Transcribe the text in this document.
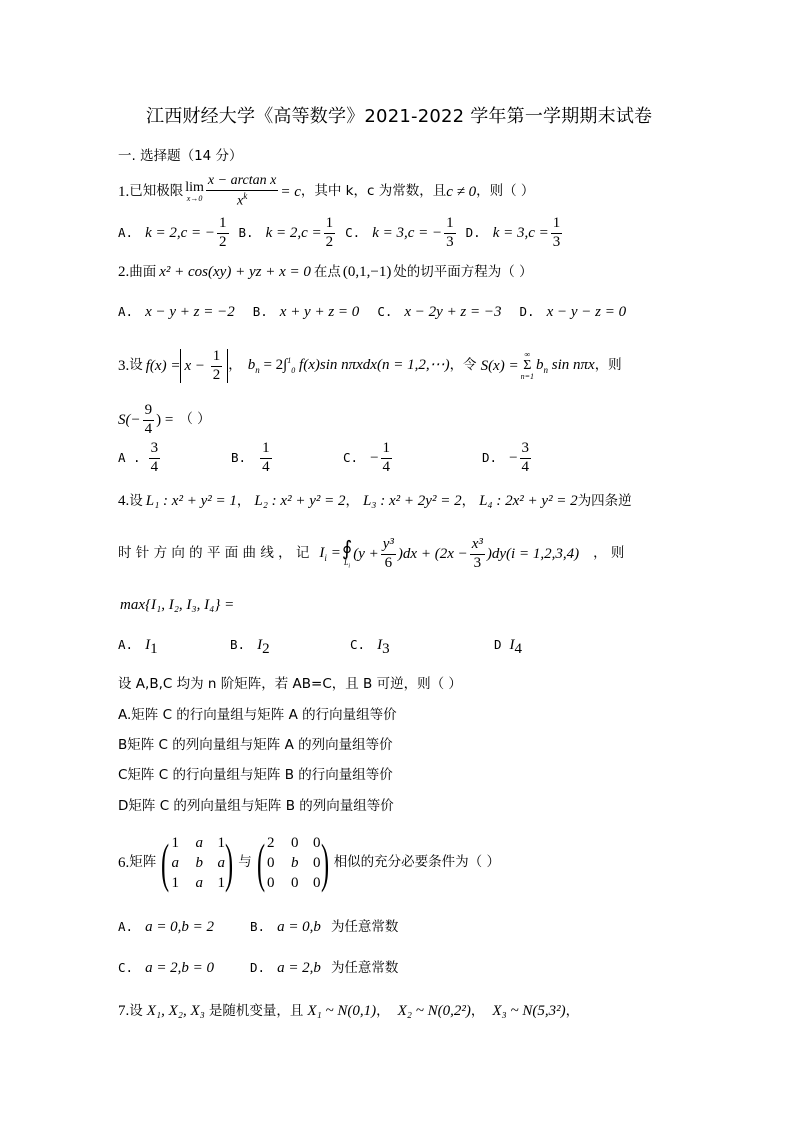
江西财经大学《高等数学》2021-2022 学年第一学期期末试卷
一. 选择题（14 分）
1. 已知极限 lim
$x\to 0 \frac{\text{x − arctan x}}{x^k} = c$ ，其中 k，c 为常数，且 c ≠ 0 ，则（ ）
A. k = 2,c = − $\frac{1}{2} B$. $k = 2,c = \frac{1}{2} C$. k = 3,c = − $\frac{1}{3} D$. $k = 3,c = \frac{1}{3}$
2. 曲面 x² + cos(xy) + yz + x = 0 在点 (0,1,−1) 处的切平面方程为（ ）
A. x − y + z = −2 B. x + y + z = 0 C. x − 2y + z = −3 D. x − y − z = 0
3. 设 $f(x) = x - \frac{1}{2}$ ， $b_n = 2\int^1_0$ f(x)sin nπxdx(n = 1,2,⋯) ，令 S(x) =
∞
Σ
n=1
$b_n$ sin nπx ，则
$S(- \frac{9}{4}$ ) = （ ）
A . $\frac{3}{4}$	B. $\frac{1}{4}$	C. − $\frac{1}{4}$	D. − $\frac{3}{4}$
4. 设 L₁ : x² + y² = 1 ， L₂ : x² + y² = 2 ， L₃ : x² + 2y² = 2 ， L₄ : 2x² + y² = 2 为四条逆
时 针 方 向 的 平 面 曲 线 ， 记 $I_i$ = ∮
$L_i$
$(y + \frac{\text{y³}}{6} )dx + (2x - \frac{\text{x³}}{3} )dy(i = 1,2,3,4)$ ， 则
max{I₁, I₂, I₃, I₄} =
A. $I_1$	B. $I_2$	C. $I_3$	D $I_4$
设 A,B,C 均为 n 阶矩阵，若 AB=C，且 B 可逆，则（ ）
A.矩阵 C 的行向量组与矩阵 A 的行向量组等价
B矩阵 C 的列向量组与矩阵 A 的列向量组等价
C矩阵 C 的行向量组与矩阵 B 的行向量组等价
D矩阵 C 的列向量组与矩阵 B 的列向量组等价
6. 矩阵 ( 1	a 1
a	b a
1	a 1 ) 与 ( 2	0 0
0	b 0
0	0 0 ) 相似的充分必要条件为（ ）
A. a = 0,b = 2	B. a = 0,b 为任意常数
C. a = 2,b = 0	D. a = 2,b 为任意常数
7. 设 X₁, X₂, X₃ 是随机变量，且 X₁ ~ N(0,1) ， X₂ ~ N(0,2²) ， X₃ ~ N(5,3²) ，
